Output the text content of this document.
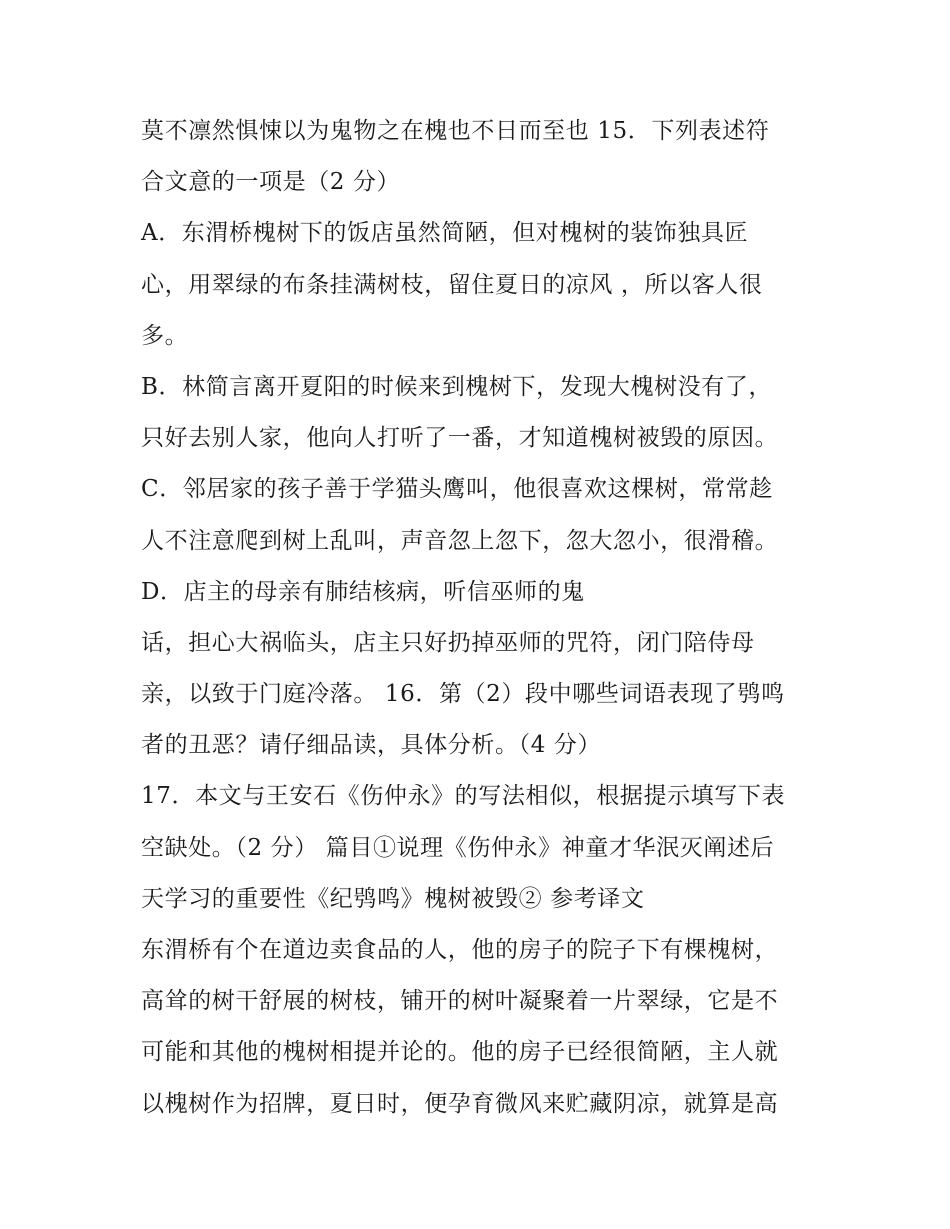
莫不凛然惧悚以为鬼物之在槐也不日而至也 15．下列表述符
合文意的一项是（2 分）
A．东渭桥槐树下的饭店虽然简陋，但对槐树的装饰独具匠
心，用翠绿的布条挂满树枝，留住夏日的凉风 ，所以客人很
多。
B．林简言离开夏阳的时候来到槐树下，发现大槐树没有了，
只好去别人家，他向人打听了一番，才知道槐树被毁的原因。
C．邻居家的孩子善于学猫头鹰叫，他很喜欢这棵树，常常趁
人不注意爬到树上乱叫，声音忽上忽下，忽大忽小，很滑稽。
D．店主的母亲有肺结核病，听信巫师的鬼
话，担心大祸临头，店主只好扔掉巫师的咒符，闭门陪侍母
亲，以致于门庭冷落。 16．第（2）段中哪些词语表现了鸮鸣
者的丑恶？请仔细品读，具体分析。（4 分）
17．本文与王安石《伤仲永》的写法相似，根据提示填写下表
空缺处。（2 分） 篇目①说理《伤仲永》神童才华泯灭阐述后
天学习的重要性《纪鸮鸣》槐树被毁② 参考译文
东渭桥有个在道边卖食品的人，他的房子的院子下有棵槐树，
高耸的树干舒展的树枝，铺开的树叶凝聚着一片翠绿，它是不
可能和其他的槐树相提并论的。他的房子已经很简陋，主人就
以槐树作为招牌，夏日时，便孕育微风来贮藏阴凉，就算是高
